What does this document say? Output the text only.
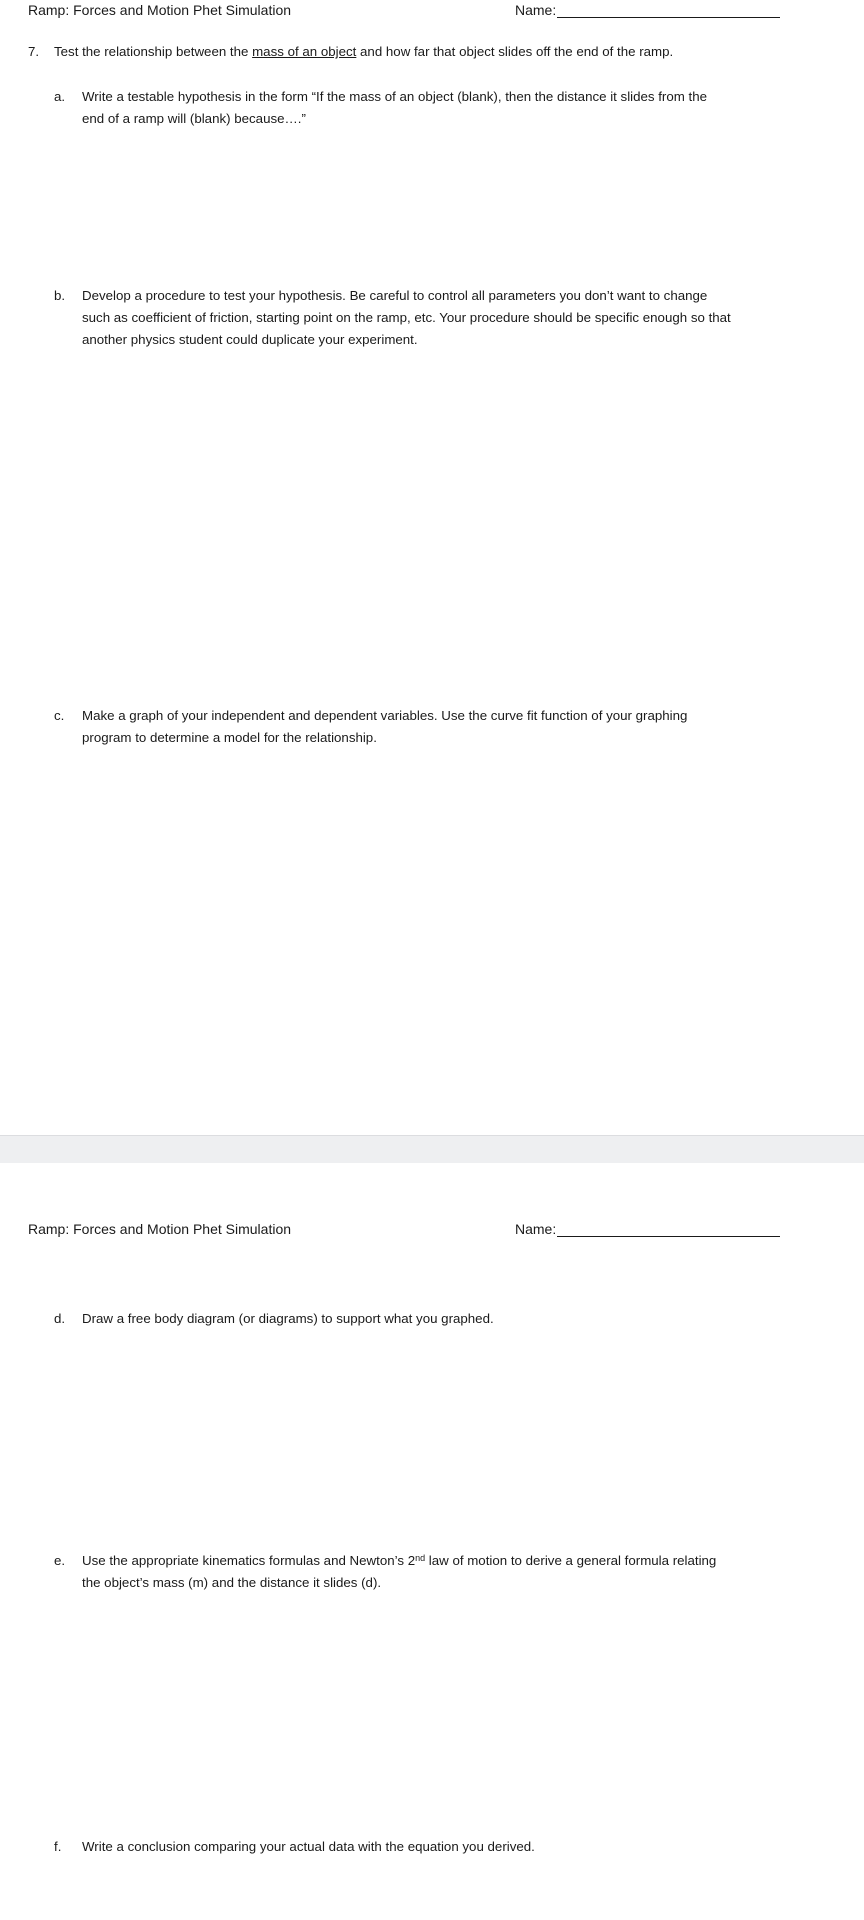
Ramp: Forces and Motion Phet Simulation	Name:
7. Test the relationship between the mass of an object and how far that object slides off the end of the ramp.
a.	Write a testable hypothesis in the form “If the mass of an object (blank), then the distance it slides from the
end of a ramp will (blank) because….”
b.	Develop a procedure to test your hypothesis. Be careful to control all parameters you don’t want to change
such as coefficient of friction, starting point on the ramp, etc. Your procedure should be specific enough so that
another physics student could duplicate your experiment.
c.	Make a graph of your independent and dependent variables. Use the curve fit function of your graphing
program to determine a model for the relationship.
Ramp: Forces and Motion Phet Simulation	Name:
d.	Draw a free body diagram (or diagrams) to support what you graphed.
e.	Use the appropriate kinematics formulas and Newton’s 2nd law of motion to derive a general formula relating
the object’s mass (m) and the distance it slides (d).
f.	Write a conclusion comparing your actual data with the equation you derived.
